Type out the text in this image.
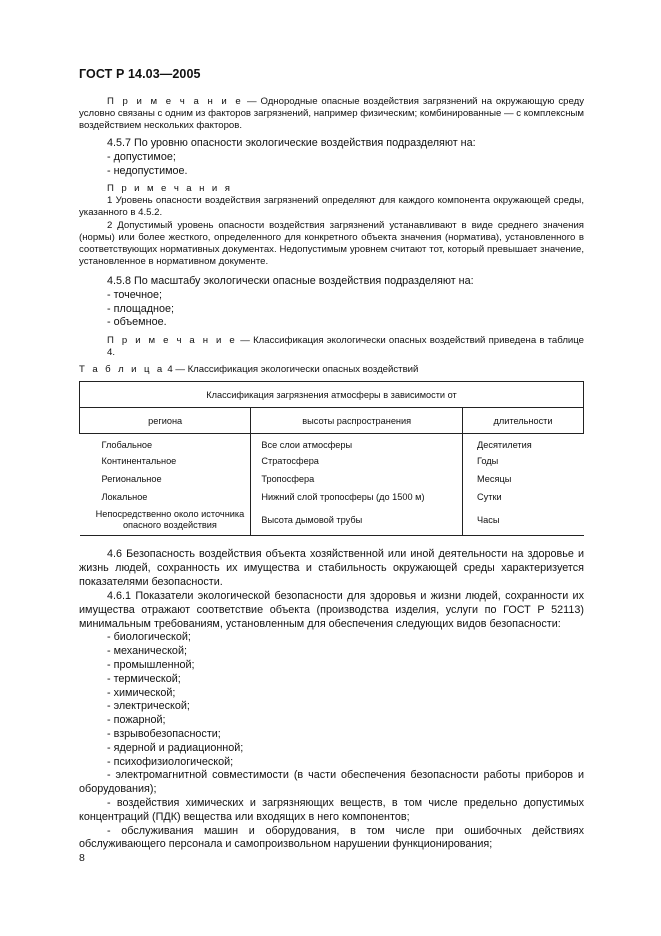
ГОСТ Р 14.03—2005
П р и м е ч а н и е — Однородные опасные воздействия загрязнений на окружающую среду условно связаны с одним из факторов загрязнений, например физическим; комбинированные — с комплексным воздействием нескольких факторов.
4.5.7 По уровню опасности экологические воздействия подразделяют на:
- допустимое;
- недопустимое.
П р и м е ч а н и я
1 Уровень опасности воздействия загрязнений определяют для каждого компонента окружающей среды, указанного в 4.5.2.
2 Допустимый уровень опасности воздействия загрязнений устанавливают в виде среднего значения (нормы) или более жесткого, определенного для конкретного объекта значения (норматива), установленного в соответствующих нормативных документах. Недопустимым уровнем считают тот, который превышает значение, установленное в нормативном документе.
4.5.8 По масштабу экологически опасные воздействия подразделяют на:
- точечное;
- площадное;
- объемное.
П р и м е ч а н и е — Классификация экологически опасных воздействий приведена в таблице 4.
Т а б л и ц а 4 — Классификация экологически опасных воздействий
Классификация загрязнения атмосферы в зависимости от		
региона	высоты распространения	длительности
Глобальное	Все слои атмосферы	Десятилетия
Континентальное	Стратосфера	Годы
Региональное	Тропосфера	Месяцы
Локальное	Нижний слой тропосферы (до 1500 м)	Сутки
Непосредственно около источника опасного воздействия	Высота дымовой трубы	Часы
4.6 Безопасность воздействия объекта хозяйственной или иной деятельности на здоровье и жизнь людей, сохранность их имущества и стабильность окружающей среды характеризуется показателями безопасности.
4.6.1 Показатели экологической безопасности для здоровья и жизни людей, сохранности их имущества отражают соответствие объекта (производства изделия, услуги по ГОСТ Р 52113) минимальным требованиям, установленным для обеспечения следующих видов безопасности:
- биологической;
- механической;
- промышленной;
- термической;
- химической;
- электрической;
- пожарной;
- взрывобезопасности;
- ядерной и радиационной;
- психофизиологической;
- электромагнитной совместимости (в части обеспечения безопасности работы приборов и оборудования);
- воздействия химических и загрязняющих веществ, в том числе предельно допустимых концентраций (ПДК) вещества или входящих в него компонентов;
- обслуживания машин и оборудования, в том числе при ошибочных действиях обслуживающего персонала и самопроизвольном нарушении функционирования;
8
